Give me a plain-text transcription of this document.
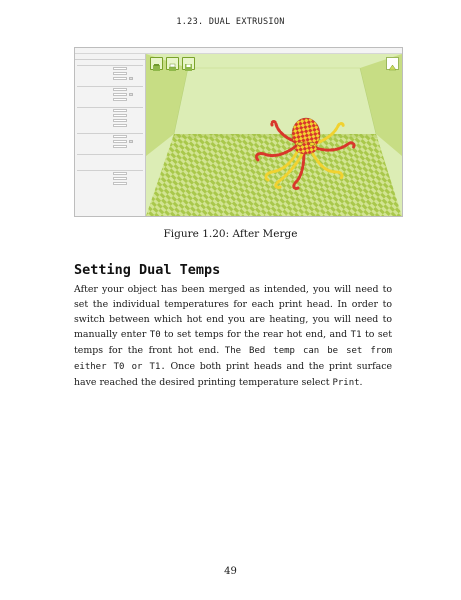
1.23. DUAL EXTRUSION
Figure 1.20: After Merge
Setting Dual Temps

After your object has been merged as intended, you will need to set the individual temperatures for each print head. In order to switch between which hot end you are heating, you will need to manually enter T0 to set temps for the rear hot end, and T1 to set temps for the front hot end. The Bed temp can be set from either T0 or T1. Once both print heads and the print surface have reached the desired printing temperature select Print.

49
